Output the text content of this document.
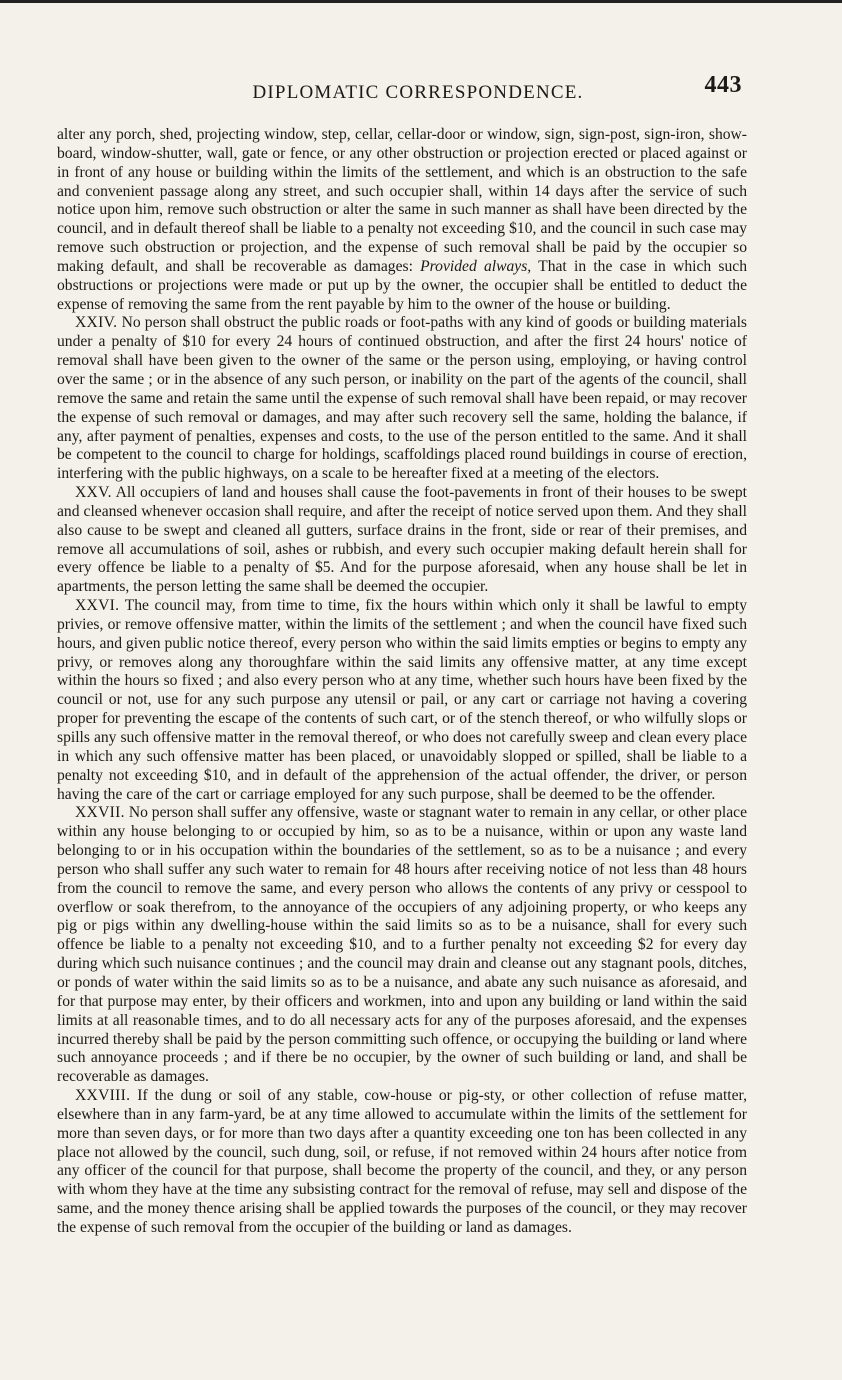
DIPLOMATIC CORRESPONDENCE.	443

alter any porch, shed, projecting window, step, cellar, cellar-door or window, sign, sign-post, sign-iron, show-board, window-shutter, wall, gate or fence, or any other obstruction or projection erected or placed against or in front of any house or building within the limits of the settlement, and which is an obstruction to the safe and convenient passage along any street, and such occupier shall, within 14 days after the service of such notice upon him, remove such obstruction or alter the same in such manner as shall have been directed by the council, and in default thereof shall be liable to a penalty not exceeding $10, and the council in such case may remove such obstruction or projection, and the expense of such removal shall be paid by the occupier so making default, and shall be recoverable as damages: Provided always, That in the case in which such obstructions or projections were made or put up by the owner, the occupier shall be entitled to deduct the expense of removing the same from the rent payable by him to the owner of the house or building.

XXIV. No person shall obstruct the public roads or foot-paths with any kind of goods or building materials under a penalty of $10 for every 24 hours of continued obstruction, and after the first 24 hours' notice of removal shall have been given to the owner of the same or the person using, employing, or having control over the same ; or in the absence of any such person, or inability on the part of the agents of the council, shall remove the same and retain the same until the expense of such removal shall have been repaid, or may recover the expense of such removal or damages, and may after such recovery sell the same, holding the balance, if any, after payment of penalties, expenses and costs, to the use of the person entitled to the same. And it shall be competent to the council to charge for holdings, scaffoldings placed round buildings in course of erection, interfering with the public highways, on a scale to be hereafter fixed at a meeting of the electors.

XXV. All occupiers of land and houses shall cause the foot-pavements in front of their houses to be swept and cleansed whenever occasion shall require, and after the receipt of notice served upon them. And they shall also cause to be swept and cleaned all gutters, surface drains in the front, side or rear of their premises, and remove all accumulations of soil, ashes or rubbish, and every such occupier making default herein shall for every offence be liable to a penalty of $5. And for the purpose aforesaid, when any house shall be let in apartments, the person letting the same shall be deemed the occupier.

XXVI. The council may, from time to time, fix the hours within which only it shall be lawful to empty privies, or remove offensive matter, within the limits of the settlement ; and when the council have fixed such hours, and given public notice thereof, every person who within the said limits empties or begins to empty any privy, or removes along any thoroughfare within the said limits any offensive matter, at any time except within the hours so fixed ; and also every person who at any time, whether such hours have been fixed by the council or not, use for any such purpose any utensil or pail, or any cart or carriage not having a covering proper for preventing the escape of the contents of such cart, or of the stench thereof, or who wilfully slops or spills any such offensive matter in the removal thereof, or who does not carefully sweep and clean every place in which any such offensive matter has been placed, or unavoidably slopped or spilled, shall be liable to a penalty not exceeding $10, and in default of the apprehension of the actual offender, the driver, or person having the care of the cart or carriage employed for any such purpose, shall be deemed to be the offender.

XXVII. No person shall suffer any offensive, waste or stagnant water to remain in any cellar, or other place within any house belonging to or occupied by him, so as to be a nuisance, within or upon any waste land belonging to or in his occupation within the boundaries of the settlement, so as to be a nuisance ; and every person who shall suffer any such water to remain for 48 hours after receiving notice of not less than 48 hours from the council to remove the same, and every person who allows the contents of any privy or cesspool to overflow or soak therefrom, to the annoyance of the occupiers of any adjoining property, or who keeps any pig or pigs within any dwelling-house within the said limits so as to be a nuisance, shall for every such offence be liable to a penalty not exceeding $10, and to a further penalty not exceeding $2 for every day during which such nuisance continues ; and the council may drain and cleanse out any stagnant pools, ditches, or ponds of water within the said limits so as to be a nuisance, and abate any such nuisance as aforesaid, and for that purpose may enter, by their officers and workmen, into and upon any building or land within the said limits at all reasonable times, and to do all necessary acts for any of the purposes aforesaid, and the expenses incurred thereby shall be paid by the person committing such offence, or occupying the building or land where such annoyance proceeds ; and if there be no occupier, by the owner of such building or land, and shall be recoverable as damages.

XXVIII. If the dung or soil of any stable, cow-house or pig-sty, or other collection of refuse matter, elsewhere than in any farm-yard, be at any time allowed to accumulate within the limits of the settlement for more than seven days, or for more than two days after a quantity exceeding one ton has been collected in any place not allowed by the council, such dung, soil, or refuse, if not removed within 24 hours after notice from any officer of the council for that purpose, shall become the property of the council, and they, or any person with whom they have at the time any subsisting contract for the removal of refuse, may sell and dispose of the same, and the money thence arising shall be applied towards the purposes of the council, or they may recover the expense of such removal from the occupier of the building or land as damages.
